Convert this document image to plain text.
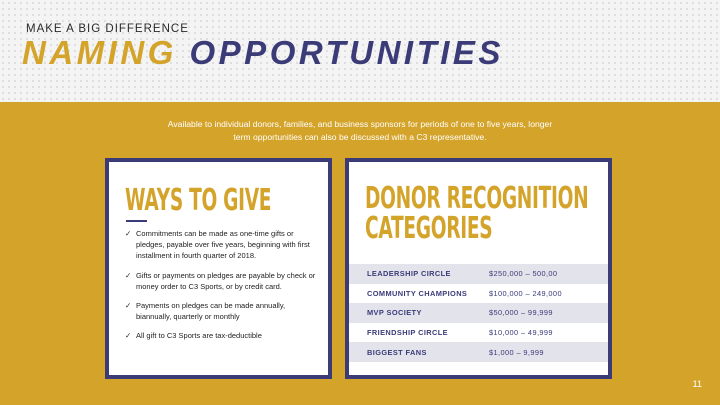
MAKE A BIG DIFFERENCE
NAMING OPPORTUNITIES
Available to individual donors, families, and business sponsors for periods of one to five years, longer
term opportunities can also be discussed with a C3 representative.
WAYS TO GIVE
✓ Commitments can be made as one-time gifts or pledges, payable over five years, beginning with first installment in fourth quarter of 2018.
✓ Gifts or payments on pledges are payable by check or money order to C3 Sports, or by credit card.
✓ Payments on pledges can be made annually, biannually, quarterly or monthly
✓ All gift to C3 Sports are tax-deductible
DONOR RECOGNITION
CATEGORIES
LEADERSHIP CIRCLE	$250,000 – 500,00
COMMUNITY CHAMPIONS	$100,000 – 249,000
MVP SOCIETY	$50,000 – 99,999
FRIENDSHIP CIRCLE	$10,000 – 49,999
BIGGEST FANS	$1,000 – 9,999
11
